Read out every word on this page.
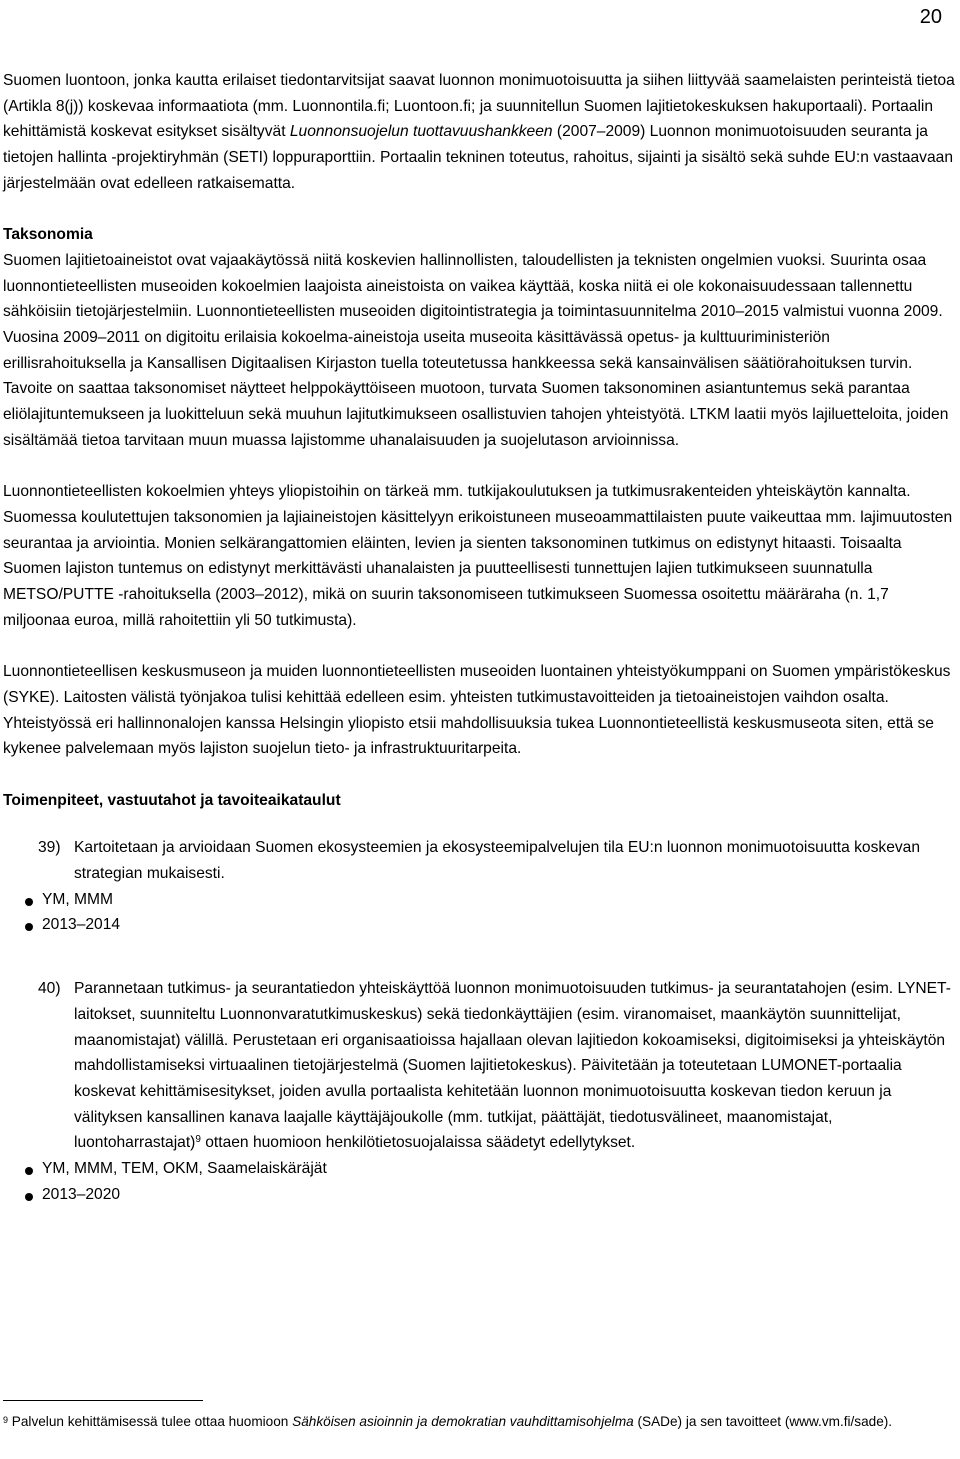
20

Suomen luontoon, jonka kautta erilaiset tiedontarvitsijat saavat luonnon monimuotoisuutta ja siihen liittyvää saamelaisten perinteistä tietoa (Artikla 8(j)) koskevaa informaatiota (mm. Luonnontila.fi; Luontoon.fi; ja suunnitellun Suomen lajitietokeskuksen hakuportaali). Portaalin kehittämistä koskevat esitykset sisältyvät Luonnonsuojelun tuottavuushankkeen (2007–2009) Luonnon monimuotoisuuden seuranta ja tietojen hallinta -projektiryhmän (SETI) loppuraporttiin. Portaalin tekninen toteutus, rahoitus, sijainti ja sisältö sekä suhde EU:n vastaavaan järjestelmään ovat edelleen ratkaisematta.

Taksonomia

Suomen lajitietoaineistot ovat vajaakäytössä niitä koskevien hallinnollisten, taloudellisten ja teknisten ongelmien vuoksi. Suurinta osaa luonnontieteellisten museoiden kokoelmien laajoista aineistoista on vaikea käyttää, koska niitä ei ole kokonaisuudessaan tallennettu sähköisiin tietojärjestelmiin. Luonnontieteellisten museoiden digitointistrategia ja toimintasuunnitelma 2010–2015 valmistui vuonna 2009. Vuosina 2009–2011 on digitoitu erilaisia kokoelma-aineistoja useita museoita käsittävässä opetus- ja kulttuuriministeriön erillisrahoituksella ja Kansallisen Digitaalisen Kirjaston tuella toteutetussa hankkeessa sekä kansainvälisen säätiörahoituksen turvin. Tavoite on saattaa taksonomiset näytteet helppokäyttöiseen muotoon, turvata Suomen taksonominen asiantuntemus sekä parantaa eliölajituntemukseen ja luokitteluun sekä muuhun lajitutkimukseen osallistuvien tahojen yhteistyötä. LTKM laatii myös lajiluetteloita, joiden sisältämää tietoa tarvitaan muun muassa lajistomme uhanalaisuuden ja suojelutason arvioinnissa.

Luonnontieteellisten kokoelmien yhteys yliopistoihin on tärkeä mm. tutkijakoulutuksen ja tutkimusrakenteiden yhteiskäytön kannalta. Suomessa koulutettujen taksonomien ja lajiaineistojen käsittelyyn erikoistuneen museoammattilaisten puute vaikeuttaa mm. lajimuutosten seurantaa ja arviointia. Monien selkärangattomien eläinten, levien ja sienten taksonominen tutkimus on edistynyt hitaasti. Toisaalta Suomen lajiston tuntemus on edistynyt merkittävästi uhanalaisten ja puutteellisesti tunnettujen lajien tutkimukseen suunnatulla METSO/PUTTE -rahoituksella (2003–2012), mikä on suurin taksonomiseen tutkimukseen Suomessa osoitettu määräraha (n. 1,7 miljoonaa euroa, millä rahoitettiin yli 50 tutkimusta).

Luonnontieteellisen keskusmuseon ja muiden luonnontieteellisten museoiden luontainen yhteistyökumppani on Suomen ympäristökeskus (SYKE). Laitosten välistä työnjakoa tulisi kehittää edelleen esim. yhteisten tutkimustavoitteiden ja tietoaineistojen vaihdon osalta. Yhteistyössä eri hallinnonalojen kanssa Helsingin yliopisto etsii mahdollisuuksia tukea Luonnontieteellistä keskusmuseota siten, että se kykenee palvelemaan myös lajiston suojelun tieto- ja infrastruktuuritarpeita.

Toimenpiteet, vastuutahot ja tavoiteaikataulut
39) Kartoitetaan ja arvioidaan Suomen ekosysteemien ja ekosysteemipalvelujen tila EU:n luonnon monimuotoisuutta koskevan strategian mukaisesti.
YM, MMM
2013–2014
40) Parannetaan tutkimus- ja seurantatiedon yhteiskäyttöä luonnon monimuotoisuuden tutkimus- ja seurantatahojen (esim. LYNET-laitokset, suunniteltu Luonnonvaratutkimuskeskus) sekä tiedonkäyttäjien (esim. viranomaiset, maankäytön suunnittelijat, maanomistajat) välillä. Perustetaan eri organisaatioissa hajallaan olevan lajitiedon kokoamiseksi, digitoimiseksi ja yhteiskäytön mahdollistamiseksi virtuaalinen tietojärjestelmä (Suomen lajitietokeskus). Päivitetään ja toteutetaan LUMONET-portaalia koskevat kehittämisesitykset, joiden avulla portaalista kehitetään luonnon monimuotoisuutta koskevan tiedon keruun ja välityksen kansallinen kanava laajalle käyttäjäjoukolle (mm. tutkijat, päättäjät, tiedotusvälineet, maanomistajat, luontoharrastajat)$^9$ ottaen huomioon henkilötietosuojalaissa säädetyt edellytykset.
YM, MMM, TEM, OKM, Saamelaiskäräjät
2013–2020
$^9$ Palvelun kehittämisessä tulee ottaa huomioon Sähköisen asioinnin ja demokratian vauhdittamisohjelma (SADe) ja sen tavoitteet (www.vm.fi/sade).
